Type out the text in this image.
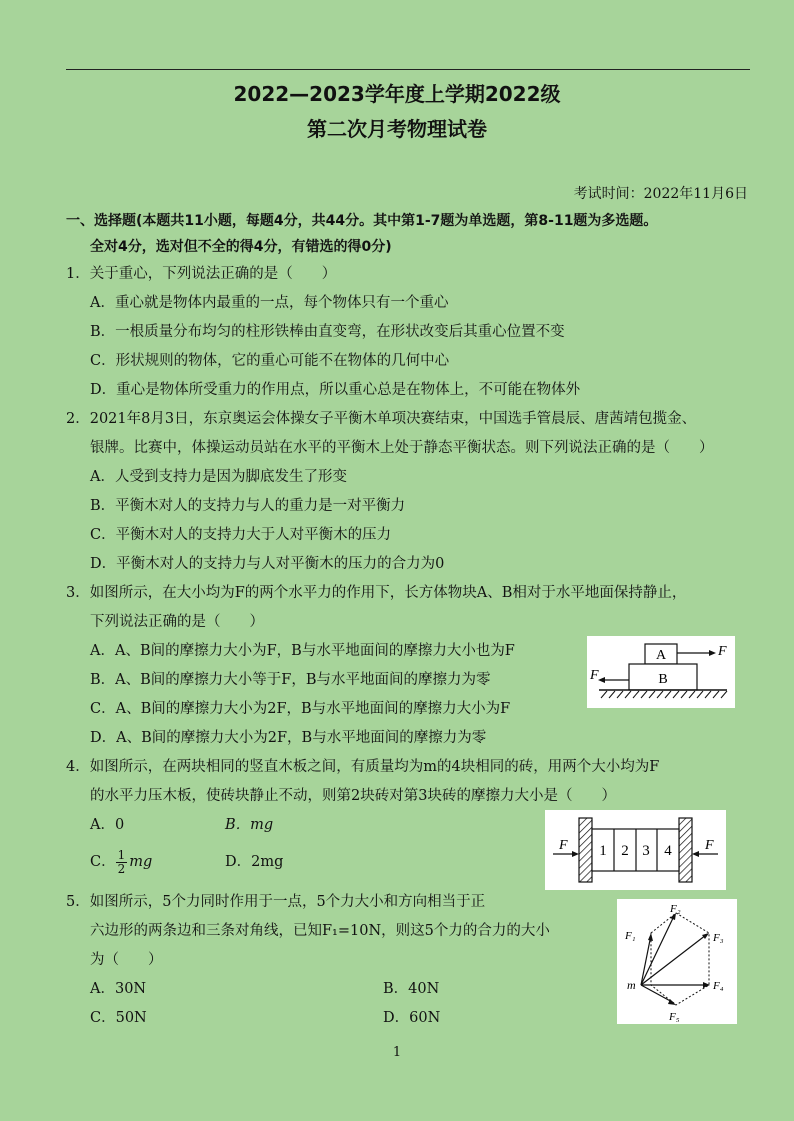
2022—2023学年度上学期2022级
第二次月考物理试卷
考试时间：2022年11月6日
一、选择题(本题共11小题，每题4分，共44分。其中第1-7题为单选题，第8-11题为多选题。
全对4分，选对但不全的得4分，有错选的得0分)
1．关于重心，下列说法正确的是（　　）
A．重心就是物体内最重的一点，每个物体只有一个重心
B．一根质量分布均匀的柱形铁棒由直变弯，在形状改变后其重心位置不变
C．形状规则的物体，它的重心可能不在物体的几何中心
D．重心是物体所受重力的作用点，所以重心总是在物体上，不可能在物体外
2．2021年8月3日，东京奥运会体操女子平衡木单项决赛结束，中国选手管晨辰、唐茜靖包揽金、
银牌。比赛中，体操运动员站在水平的平衡木上处于静态平衡状态。则下列说法正确的是（　　）
A．人受到支持力是因为脚底发生了形变
B．平衡木对人的支持力与人的重力是一对平衡力
C．平衡木对人的支持力大于人对平衡木的压力
D．平衡木对人的支持力与人对平衡木的压力的合力为0
3．如图所示，在大小均为F的两个水平力的作用下，长方体物块A、B相对于水平地面保持静止，
下列说法正确的是（　　）
A．A、B间的摩擦力大小为F，B与水平地面间的摩擦力大小也为F
B．A、B间的摩擦力大小等于F，B与水平地面间的摩擦力为零
C．A、B间的摩擦力大小为2F，B与水平地面间的摩擦力大小为F
D．A、B间的摩擦力大小为2F，B与水平地面间的摩擦力为零
A
B
F
F
4．如图所示，在两块相同的竖直木板之间，有质量均为m的4块相同的砖，用两个大小均为F
的水平力压木板，使砖块静止不动，则第2块砖对第3块砖的摩擦力大小是（　　）
A．0	B．mg
C． $\frac{1}{2}$ mg	D．2mg
1 2 3 4
F	F
5．如图所示，5个力同时作用于一点，5个力大小和方向相当于正
六边形的两条边和三条对角线，已知F₁=10N，则这5个力的合力的大小
为（　　）
A．30N	B．40N
C．50N	D．60N
m
F₁
F₂
F₃
F₄
F₅
1
